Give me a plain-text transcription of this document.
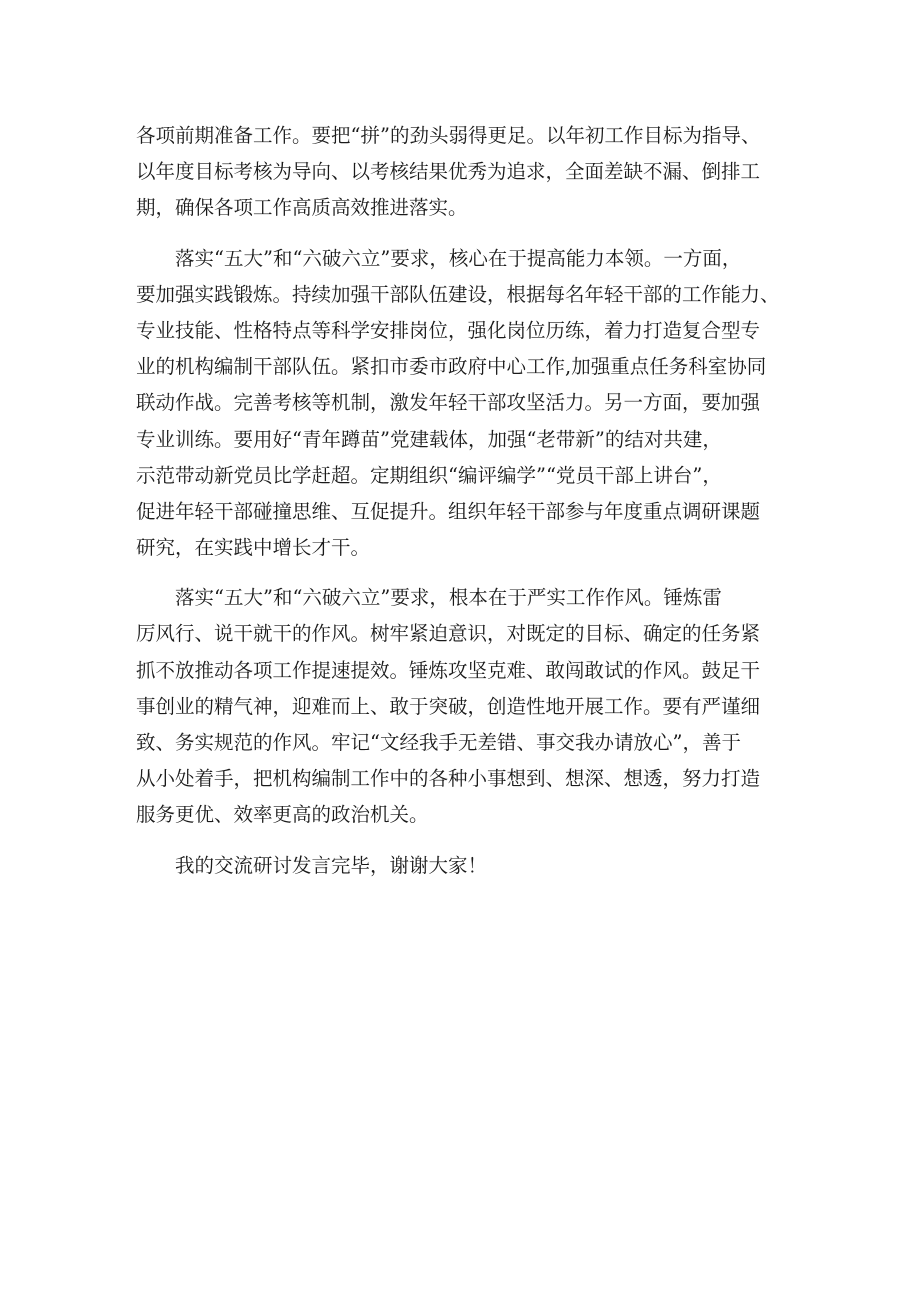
各项前期准备工作。要把“拼”的劲头弱得更足。以年初工作目标为指导、
以年度目标考核为导向、以考核结果优秀为追求，全面差缺不漏、倒排工
期，确保各项工作高质高效推进落实。
落实“五大”和“六破六立”要求，核心在于提高能力本领。一方面，
要加强实践锻炼。持续加强干部队伍建设，根据每名年轻干部的工作能力、
专业技能、性格特点等科学安排岗位，强化岗位历练，着力打造复合型专
业的机构编制干部队伍。紧扣市委市政府中心工作,加强重点任务科室协同
联动作战。完善考核等机制，激发年轻干部攻坚活力。另一方面，要加强
专业训练。要用好“青年蹲苗”党建载体，加强“老带新”的结对共建，
示范带动新党员比学赶超。定期组织“编评编学”“党员干部上讲台”，
促进年轻干部碰撞思维、互促提升。组织年轻干部参与年度重点调研课题
研究，在实践中增长才干。
落实“五大”和“六破六立”要求，根本在于严实工作作风。锤炼雷
厉风行、说干就干的作风。树牢紧迫意识，对既定的目标、确定的任务紧
抓不放推动各项工作提速提效。锤炼攻坚克难、敢闯敢试的作风。鼓足干
事创业的精气神，迎难而上、敢于突破，创造性地开展工作。要有严谨细
致、务实规范的作风。牢记“文经我手无差错、事交我办请放心”，善于
从小处着手，把机构编制工作中的各种小事想到、想深、想透，努力打造
服务更优、效率更高的政治机关。
我的交流研讨发言完毕，谢谢大家！
